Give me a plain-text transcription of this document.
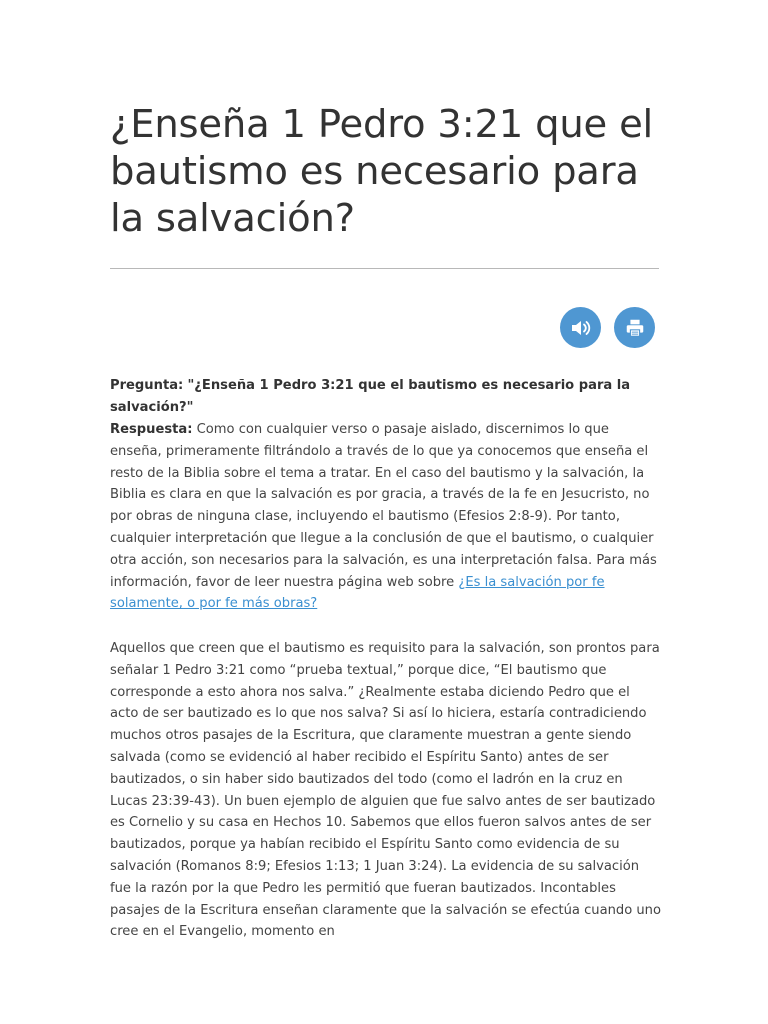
¿Enseña 1 Pedro 3:21 que el bautismo es necesario para la salvación?
Pregunta: "¿Enseña 1 Pedro 3:21 que el bautismo es necesario para la salvación?"
Respuesta: Como con cualquier verso o pasaje aislado, discernimos lo que enseña, primeramente filtrándolo a través de lo que ya conocemos que enseña el resto de la Biblia sobre el tema a tratar. En el caso del bautismo y la salvación, la Biblia es clara en que la salvación es por gracia, a través de la fe en Jesucristo, no por obras de ninguna clase, incluyendo el bautismo (Efesios 2:8-9). Por tanto, cualquier interpretación que llegue a la conclusión de que el bautismo, o cualquier otra acción, son necesarios para la salvación, es una interpretación falsa. Para más información, favor de leer nuestra página web sobre ¿Es la salvación por fe solamente, o por fe más obras?
Aquellos que creen que el bautismo es requisito para la salvación, son prontos para señalar 1 Pedro 3:21 como “prueba textual,” porque dice, “El bautismo que corresponde a esto ahora nos salva.” ¿Realmente estaba diciendo Pedro que el acto de ser bautizado es lo que nos salva? Si así lo hiciera, estaría contradiciendo muchos otros pasajes de la Escritura, que claramente muestran a gente siendo salvada (como se evidenció al haber recibido el Espíritu Santo) antes de ser bautizados, o sin haber sido bautizados del todo (como el ladrón en la cruz en Lucas 23:39-43). Un buen ejemplo de alguien que fue salvo antes de ser bautizado es Cornelio y su casa en Hechos 10. Sabemos que ellos fueron salvos antes de ser bautizados, porque ya habían recibido el Espíritu Santo como evidencia de su salvación (Romanos 8:9; Efesios 1:13; 1 Juan 3:24). La evidencia de su salvación fue la razón por la que Pedro les permitió que fueran bautizados. Incontables pasajes de la Escritura enseñan claramente que la salvación se efectúa cuando uno cree en el Evangelio, momento en
